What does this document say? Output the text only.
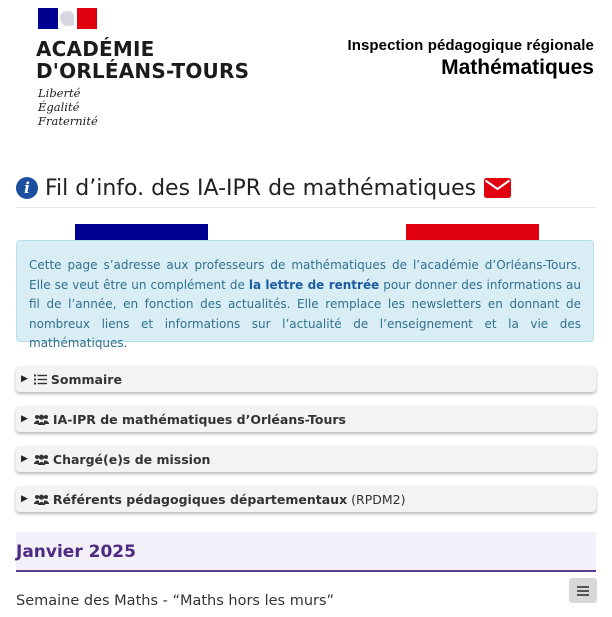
ACADÉMIE
D'ORLÉANS-TOURS
Liberté
Égalité
Fraternité
Inspection pédagogique régionale
Mathématiques
i Fil d’info. des IA-IPR de mathématiques

Cette page s’adresse aux professeurs de mathématiques de l’académie d’Orléans-Tours. Elle se veut être un complément de la lettre de rentrée pour donner des informations au fil de l’année, en fonction des actualités. Elle remplace les newsletters en donnant de nombreux liens et informations sur l’actualité de l’enseignement et la vie des mathématiques.

▶ Sommaire
▶ IA-IPR de mathématiques d’Orléans-Tours
▶ Chargé(e)s de mission
▶ Référents pédagogiques départementaux (RPDM2)
Janvier 2025
Semaine des Maths - “Maths hors les murs”
